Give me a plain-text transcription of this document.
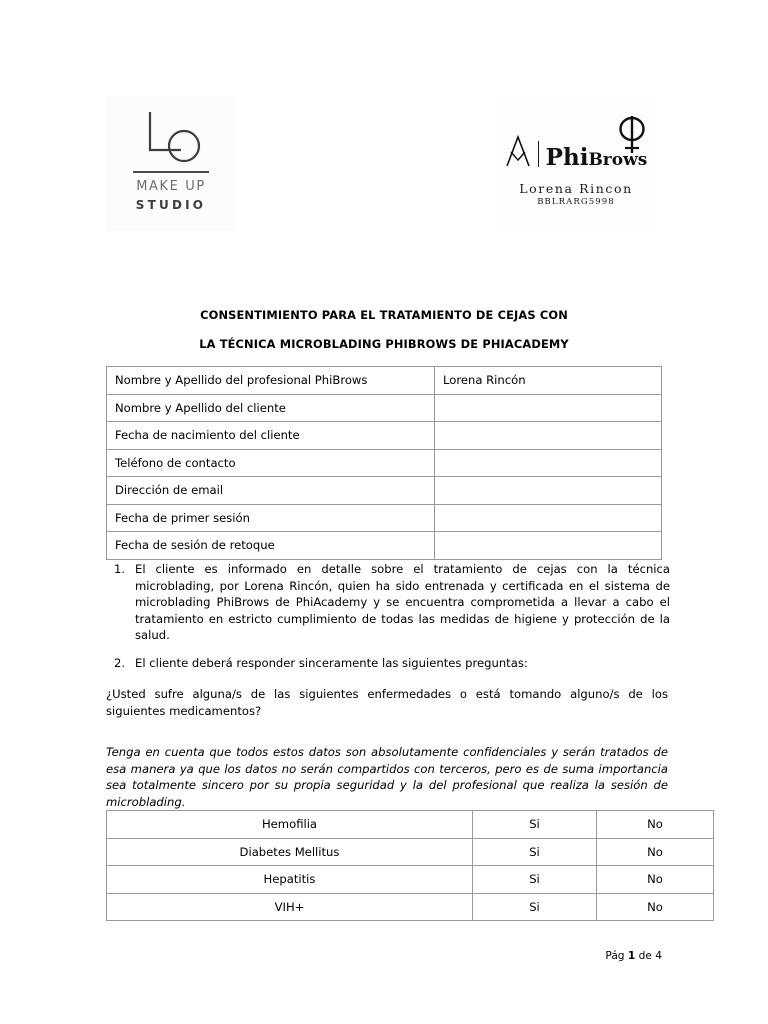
MAKE UP
STUDIO
PhiBrows
Lorena Rincon
BBLRARG5998
CONSENTIMIENTO PARA EL TRATAMIENTO DE CEJAS CON
LA TÉCNICA MICROBLADING PHIBROWS DE PHIACADEMY
Nombre y Apellido del profesional PhiBrows	Lorena Rincón
Nombre y Apellido del cliente	
Fecha de nacimiento del cliente	
Teléfono de contacto	
Dirección de email	
Fecha de primer sesión	
Fecha de sesión de retoque	
1. El cliente es informado en detalle sobre el tratamiento de cejas con la técnica microblading, por Lorena Rincón, quien ha sido entrenada y certificada en el sistema de microblading PhiBrows de PhiAcademy y se encuentra comprometida a llevar a cabo el tratamiento en estricto cumplimiento de todas las medidas de higiene y protección de la salud.
2. El cliente deberá responder sinceramente las siguientes preguntas:
¿Usted sufre alguna/s de las siguientes enfermedades o está tomando alguno/s de los siguientes medicamentos?
Tenga en cuenta que todos estos datos son absolutamente confidenciales y serán tratados de esa manera ya que los datos no serán compartidos con terceros, pero es de suma importancia sea totalmente sincero por su propia seguridad y la del profesional que realiza la sesión de microblading.
Hemofilia	Si	No
Diabetes Mellitus	Si	No
Hepatitis	Si	No
VIH+	Si	No
Pág 1 de 4
